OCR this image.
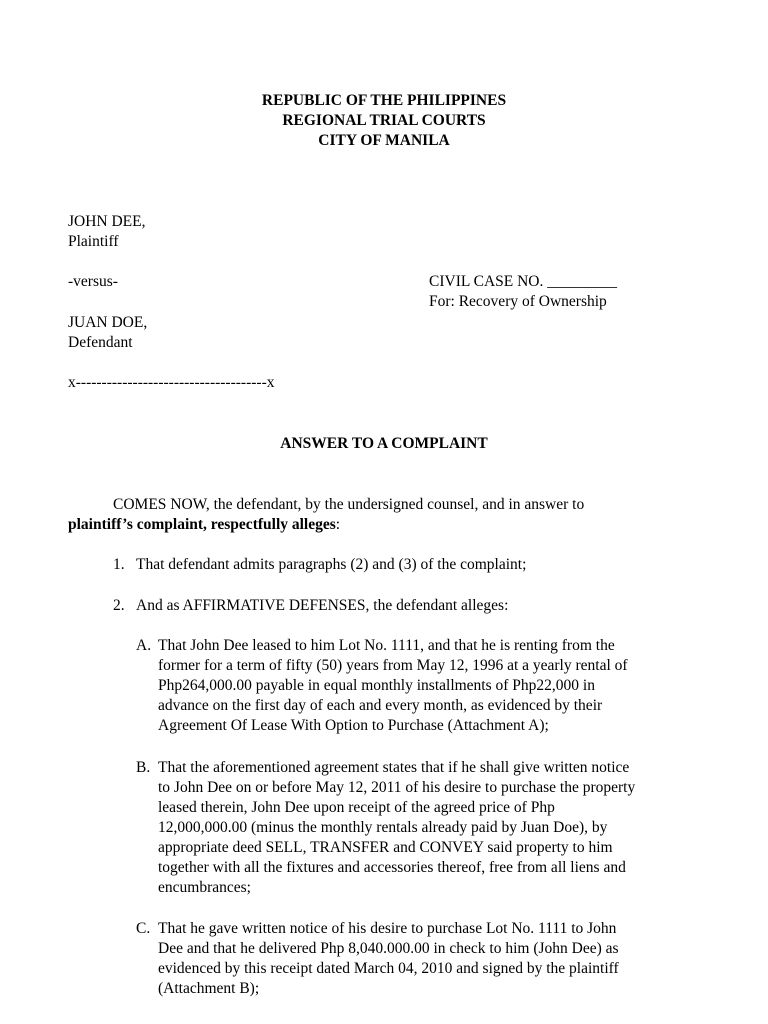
REPUBLIC OF THE PHILIPPINES
REGIONAL TRIAL COURTS
CITY OF MANILA
JOHN DEE,
Plaintiff
-versus-
JUAN DOE,
Defendant
x-------------------------------------x
CIVIL CASE NO. _________
For: Recovery of Ownership
ANSWER TO A COMPLAINT
COMES NOW, the defendant, by the undersigned counsel, and in answer to
plaintiff’s complaint, respectfully alleges:
1. That defendant admits paragraphs (2) and (3) of the complaint;
2. And as AFFIRMATIVE DEFENSES, the defendant alleges:
A. That John Dee leased to him Lot No. 1111, and that he is renting from the
former for a term of fifty (50) years from May 12, 1996 at a yearly rental of
Php264,000.00 payable in equal monthly installments of Php22,000 in
advance on the first day of each and every month, as evidenced by their
Agreement Of Lease With Option to Purchase (Attachment A);
B. That the aforementioned agreement states that if he shall give written notice
to John Dee on or before May 12, 2011 of his desire to purchase the property
leased therein, John Dee upon receipt of the agreed price of Php
12,000,000.00 (minus the monthly rentals already paid by Juan Doe), by
appropriate deed SELL, TRANSFER and CONVEY said property to him
together with all the fixtures and accessories thereof, free from all liens and
encumbrances;
C. That he gave written notice of his desire to purchase Lot No. 1111 to John
Dee and that he delivered Php 8,040.000.00 in check to him (John Dee) as
evidenced by this receipt dated March 04, 2010 and signed by the plaintiff
(Attachment B);
